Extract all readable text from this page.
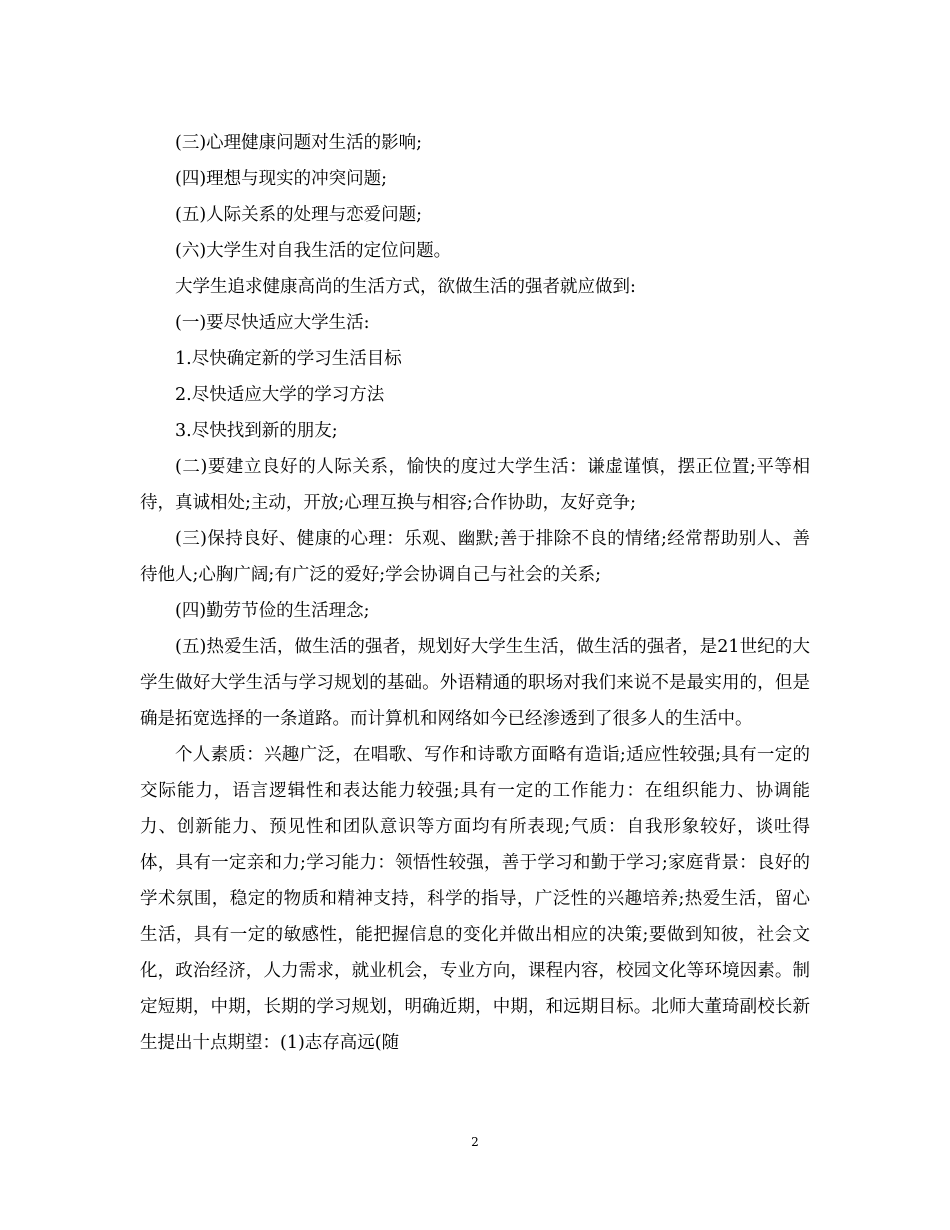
(三)心理健康问题对生活的影响;

(四)理想与现实的冲突问题;

(五)人际关系的处理与恋爱问题;

(六)大学生对自我生活的定位问题。

大学生追求健康高尚的生活方式，欲做生活的强者就应做到:

(一)要尽快适应大学生活:

1.尽快确定新的学习生活目标

2.尽快适应大学的学习方法

3.尽快找到新的朋友;

(二)要建立良好的人际关系，愉快的度过大学生活：谦虚谨慎，摆正位置;平等相待，真诚相处;主动，开放;心理互换与相容;合作协助，友好竞争;

(三)保持良好、健康的心理：乐观、幽默;善于排除不良的情绪;经常帮助别人、善待他人;心胸广阔;有广泛的爱好;学会协调自己与社会的关系;

(四)勤劳节俭的生活理念;

(五)热爱生活，做生活的强者，规划好大学生生活，做生活的强者，是21世纪的大学生做好大学生活与学习规划的基础。外语精通的职场对我们来说不是最实用的，但是确是拓宽选择的一条道路。而计算机和网络如今已经渗透到了很多人的生活中。

个人素质：兴趣广泛，在唱歌、写作和诗歌方面略有造诣;适应性较强;具有一定的交际能力，语言逻辑性和表达能力较强;具有一定的工作能力：在组织能力、协调能力、创新能力、预见性和团队意识等方面均有所表现;气质：自我形象较好，谈吐得体，具有一定亲和力;学习能力：领悟性较强，善于学习和勤于学习;家庭背景：良好的学术氛围，稳定的物质和精神支持，科学的指导，广泛性的兴趣培养;热爱生活，留心生活，具有一定的敏感性，能把握信息的变化并做出相应的决策;要做到知彼，社会文化，政治经济，人力需求，就业机会，专业方向，课程内容，校园文化等环境因素。制定短期，中期，长期的学习规划，明确近期，中期，和远期目标。北师大董琦副校长新生提出十点期望：(1)志存高远(随

2
